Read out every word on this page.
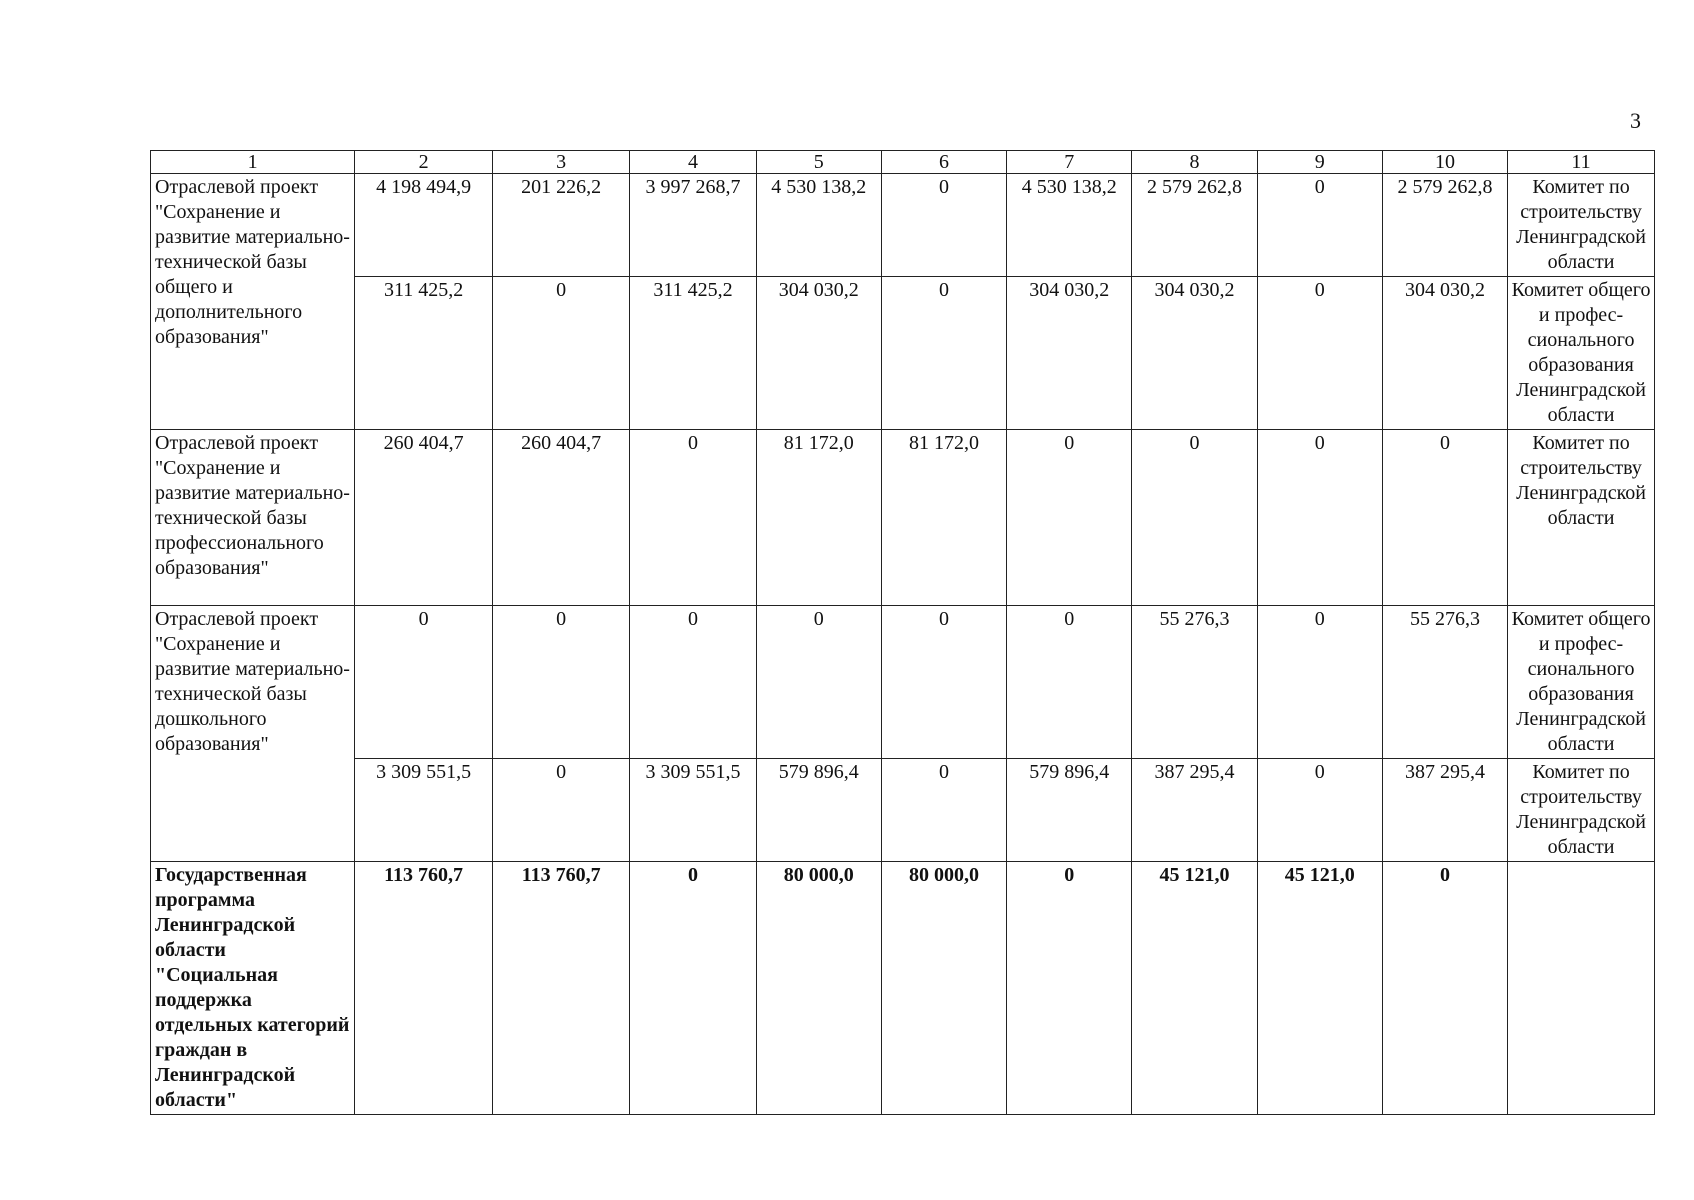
3
1	2	3	4	5	6	7	8	9	10	11
Отраслевой проект "Сохранение и развитие материально-технической базы общего и дополнительного образования"	4 198 494,9	201 226,2	3 997 268,7	4 530 138,2	0	4 530 138,2	2 579 262,8	0	2 579 262,8	Комитет по строительству Ленинградской области
	311 425,2	0	311 425,2	304 030,2	0	304 030,2	304 030,2	0	304 030,2	Комитет общего и профес-сионального образования Ленинградской области
Отраслевой проект "Сохранение и развитие материально-технической базы профессионального образования"	260 404,7	260 404,7	0	81 172,0	81 172,0	0	0	0	0	Комитет по строительству Ленинградской области
Отраслевой проект "Сохранение и развитие материально-технической базы дошкольного образования"	0	0	0	0	0	0	55 276,3	0	55 276,3	Комитет общего и профес-сионального образования Ленинградской области
	3 309 551,5	0	3 309 551,5	579 896,4	0	579 896,4	387 295,4	0	387 295,4	Комитет по строительству Ленинградской области
Государственная программа Ленинградской области "Социальная поддержка отдельных категорий граждан в Ленинградской области"	113 760,7	113 760,7	0	80 000,0	80 000,0	0	45 121,0	45 121,0	0	
